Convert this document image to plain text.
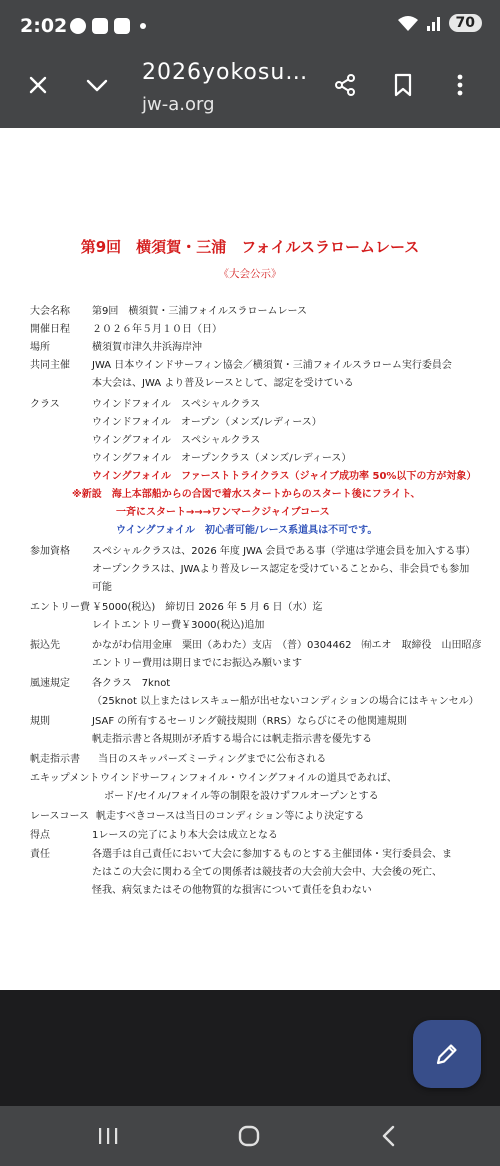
2:02	70
2026yokosu…
jw-a.org
第9回　横須賀・三浦　フォイルスラロームレース
《大会公示》
大会名称 第9回　横須賀・三浦フォイルスラロームレース
開催日程 ２０２６年５月１０日（日）
場所	横須賀市津久井浜海岸沖
共同主催 JWA 日本ウインドサーフィン協会／横須賀・三浦フォイルスラローム実行委員会
本大会は、JWA より普及レースとして、認定を受けている
クラス	ウインドフォイル　スペシャルクラス
ウインドフォイル　オープン（メンズ/レディース）
ウイングフォイル　スペシャルクラス
ウイングフォイル　オープンクラス（メンズ/レディース）
ウイングフォイル　ファーストトライクラス（ジャイブ成功率 50%以下の方が対象）
※新設　海上本部船からの合図で着水スタートからのスタート後にフライト、
一斉にスタート→→→ワンマークジャイブコース
ウイングフォイル　初心者可能/レース系道具は不可です。
参加資格 スペシャルクラスは、2026 年度 JWA 会員である事（学連は学連会員を加入する事）
オープンクラスは、JWAより普及レース認定を受けていることから、非会員でも参加
可能
エントリー費 ￥5000(税込)　締切日 2026 年 5 月 6 日（水）迄
レイトエントリー費￥3000(税込)追加
振込先	かながわ信用金庫　粟田（あわた）支店　（普）0304462　㈲エオ　取締役　山田昭彦
エントリー費用は期日までにお振込み願います
風速規定 各クラス　7knot
（25knot 以上またはレスキュー船が出せないコンディションの場合にはキャンセル）
規則	JSAF の所有するセーリング競技規則（RRS）ならびにその他関連規則
帆走指示書と各規則が矛盾する場合には帆走指示書を優先する
帆走指示書 当日のスキッパーズミーティングまでに公布される
エキップメント ウインドサーフィンフォイル・ウイングフォイルの道具であれば、
ボード/セイル/フォイル等の制限を設けずフルオープンとする
レースコース 帆走すべきコースは当日のコンディション等により決定する
得点	1レースの完了により本大会は成立となる
責任	各選手は自己責任において大会に参加するものとする主催団体・実行委員会、ま
たはこの大会に関わる全ての関係者は競技者の大会前大会中、大会後の死亡、
怪我、病気またはその他物質的な損害について責任を負わない
